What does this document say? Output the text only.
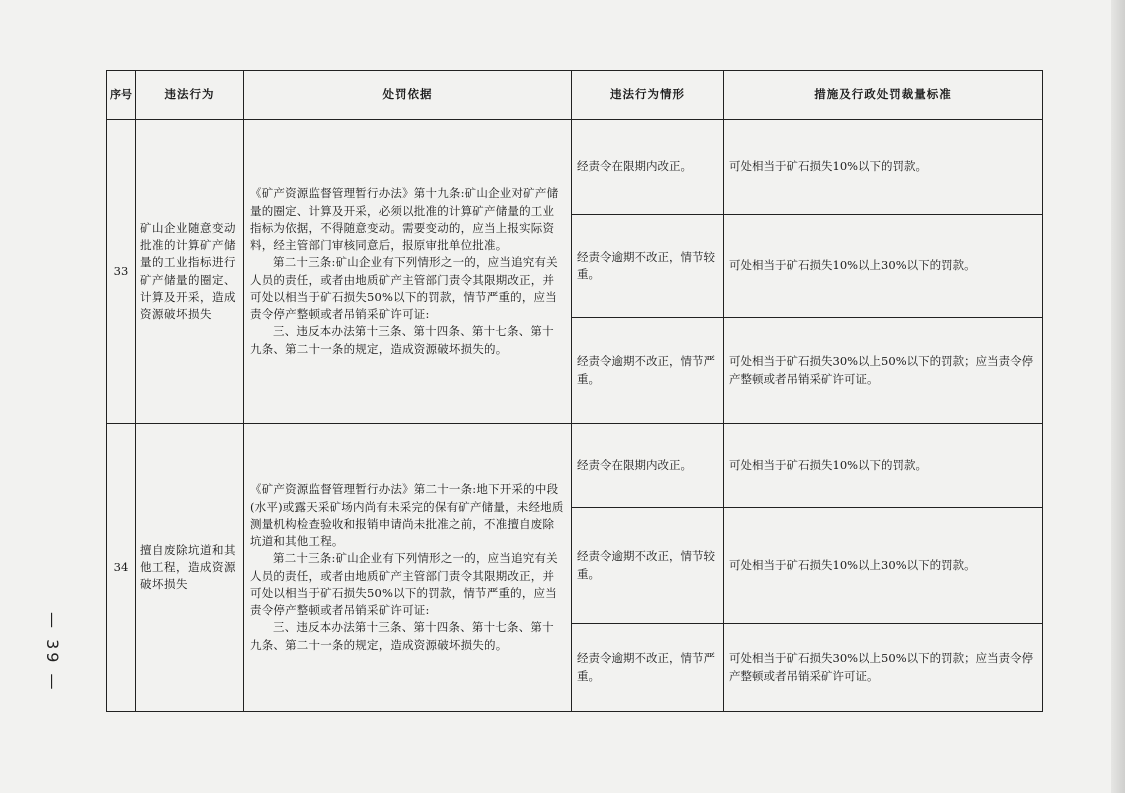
序号	违法行为	处罚依据	违法行为情形	措施及行政处罚裁量标准
33	矿山企业随意变动批准的计算矿产储量的工业指标进行矿产储量的圈定、计算及开采，造成资源破坏损失	《矿产资源监督管理暂行办法》第十九条:矿山企业对矿产储量的圈定、计算及开采，必须以批准的计算矿产储量的工业指标为依据，不得随意变动。需要变动的，应当上报实际资料，经主管部门审核同意后，报原审批单位批准。

第二十三条:矿山企业有下列情形之一的，应当追究有关人员的责任，或者由地质矿产主管部门责令其限期改正，并可处以相当于矿石损失50%以下的罚款，情节严重的，应当责令停产整顿或者吊销采矿许可证:

三、违反本办法第十三条、第十四条、第十七条、第十九条、第二十一条的规定，造成资源破坏损失的。	经责令在限期内改正。	可处相当于矿石损失10%以下的罚款。
			经责令逾期不改正，情节较重。	可处相当于矿石损失10%以上30%以下的罚款。
			经责令逾期不改正，情节严重。	可处相当于矿石损失30%以上50%以下的罚款；应当责令停产整顿或者吊销采矿许可证。
34	擅自废除坑道和其他工程，造成资源破坏损失	《矿产资源监督管理暂行办法》第二十一条:地下开采的中段(水平)或露天采矿场内尚有未采完的保有矿产储量，未经地质测量机构检查验收和报销申请尚未批准之前，不准擅自废除坑道和其他工程。

第二十三条:矿山企业有下列情形之一的，应当追究有关人员的责任，或者由地质矿产主管部门责令其限期改正，并可处以相当于矿石损失50%以下的罚款，情节严重的，应当责令停产整顿或者吊销采矿许可证:

三、违反本办法第十三条、第十四条、第十七条、第十九条、第二十一条的规定，造成资源破坏损失的。	经责令在限期内改正。	可处相当于矿石损失10%以下的罚款。
			经责令逾期不改正，情节较重。	可处相当于矿石损失10%以上30%以下的罚款。
			经责令逾期不改正，情节严重。	可处相当于矿石损失30%以上50%以下的罚款；应当责令停产整顿或者吊销采矿许可证。
— 39 —
